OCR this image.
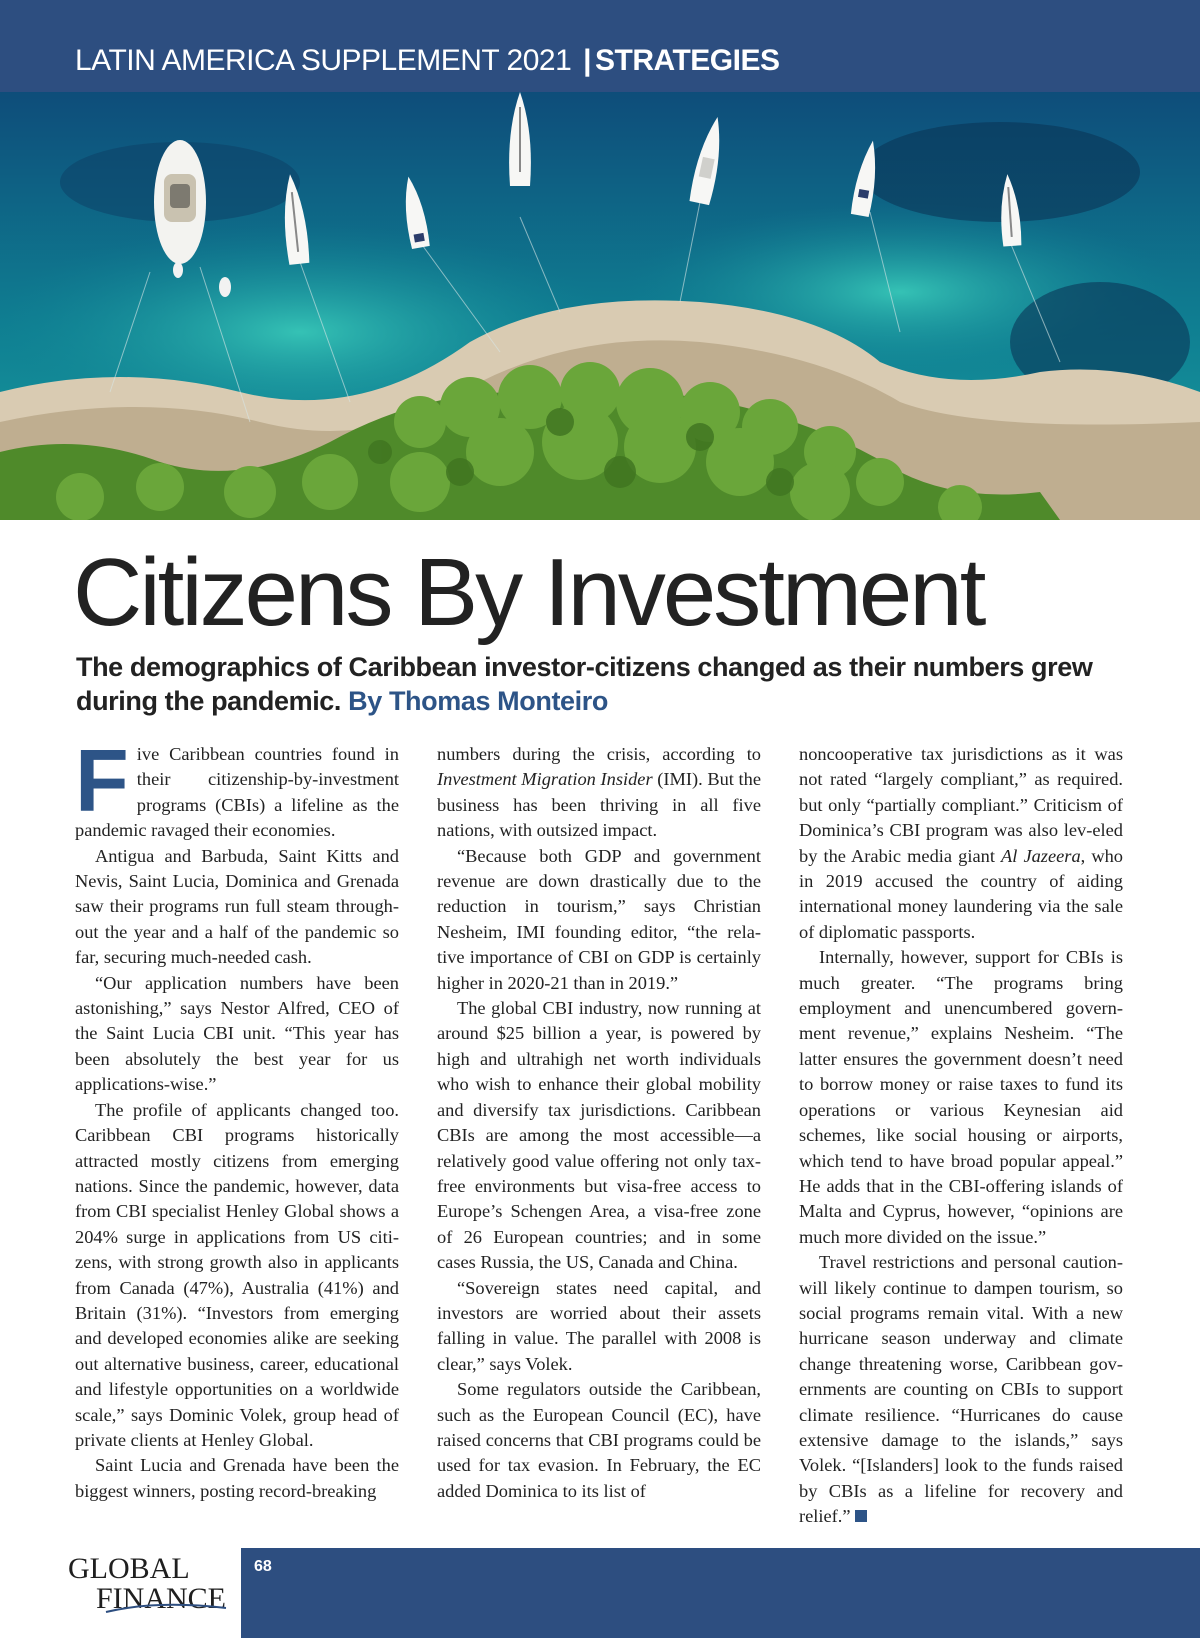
LATIN AMERICA SUPPLEMENT 2021 | STRATEGIES
Citizens By Investment

The demographics of Caribbean investor-citizens changed as their numbers grew during the pandemic. By Thomas Monteiro

Five Caribbean countries found in their citizenship-by-investment programs (CBIs) a lifeline as the pandemic ravaged their economies.

Antigua and Barbuda, Saint Kitts and Nevis, Saint Lucia, Dominica and Grenada saw their programs run full steam through-out the year and a half of the pandemic so far, securing much-needed cash.

“Our application numbers have been astonishing,” says Nestor Alfred, CEO of the Saint Lucia CBI unit. “This year has been absolutely the best year for us applications-wise.”

The profile of applicants changed too. Caribbean CBI programs historically attracted mostly citizens from emerging nations. Since the pandemic, however, data from CBI specialist Henley Global shows a 204% surge in applications from US citi-zens, with strong growth also in applicants from Canada (47%), Australia (41%) and Britain (31%). “Investors from emerging and developed economies alike are seeking out alternative business, career, educational and lifestyle opportunities on a worldwide scale,” says Dominic Volek, group head of private clients at Henley Global.

Saint Lucia and Grenada have been the biggest winners, posting record-breaking

numbers during the crisis, according to Investment Migration Insider (IMI). But the business has been thriving in all five nations, with outsized impact.

“Because both GDP and government revenue are down drastically due to the reduction in tourism,” says Christian Nesheim, IMI founding editor, “the rela-tive importance of CBI on GDP is certainly higher in 2020-21 than in 2019.”

The global CBI industry, now running at around $25 billion a year, is powered by high and ultrahigh net worth individuals who wish to enhance their global mobility and diversify tax jurisdictions. Caribbean CBIs are among the most accessible—a relatively good value offering not only tax-free environments but visa-free access to Europe’s Schengen Area, a visa-free zone of 26 European countries; and in some cases Russia, the US, Canada and China.

“Sovereign states need capital, and investors are worried about their assets falling in value. The parallel with 2008 is clear,” says Volek.

Some regulators outside the Caribbean, such as the European Council (EC), have raised concerns that CBI programs could be used for tax evasion. In February, the EC added Dominica to its list of

noncooperative tax jurisdictions as it was not rated “largely compliant,” as required. but only “partially compliant.” Criticism of Dominica’s CBI program was also lev-eled by the Arabic media giant Al Jazeera, who in 2019 accused the country of aiding international money laundering via the sale of diplomatic passports.

Internally, however, support for CBIs is much greater. “The programs bring employment and unencumbered govern-ment revenue,” explains Nesheim. “The latter ensures the government doesn’t need to borrow money or raise taxes to fund its operations or various Keynesian aid schemes, like social housing or airports, which tend to have broad popular appeal.” He adds that in the CBI-offering islands of Malta and Cyprus, however, “opinions are much more divided on the issue.”

Travel restrictions and personal caution-will likely continue to dampen tourism, so social programs remain vital. With a new hurricane season underway and climate change threatening worse, Caribbean gov-ernments are counting on CBIs to support climate resilience. “Hurricanes do cause extensive damage to the islands,” says Volek. “[Islanders] look to the funds raised by CBIs as a lifeline for recovery and relief.”

GLOBAL
FINANCE
68
